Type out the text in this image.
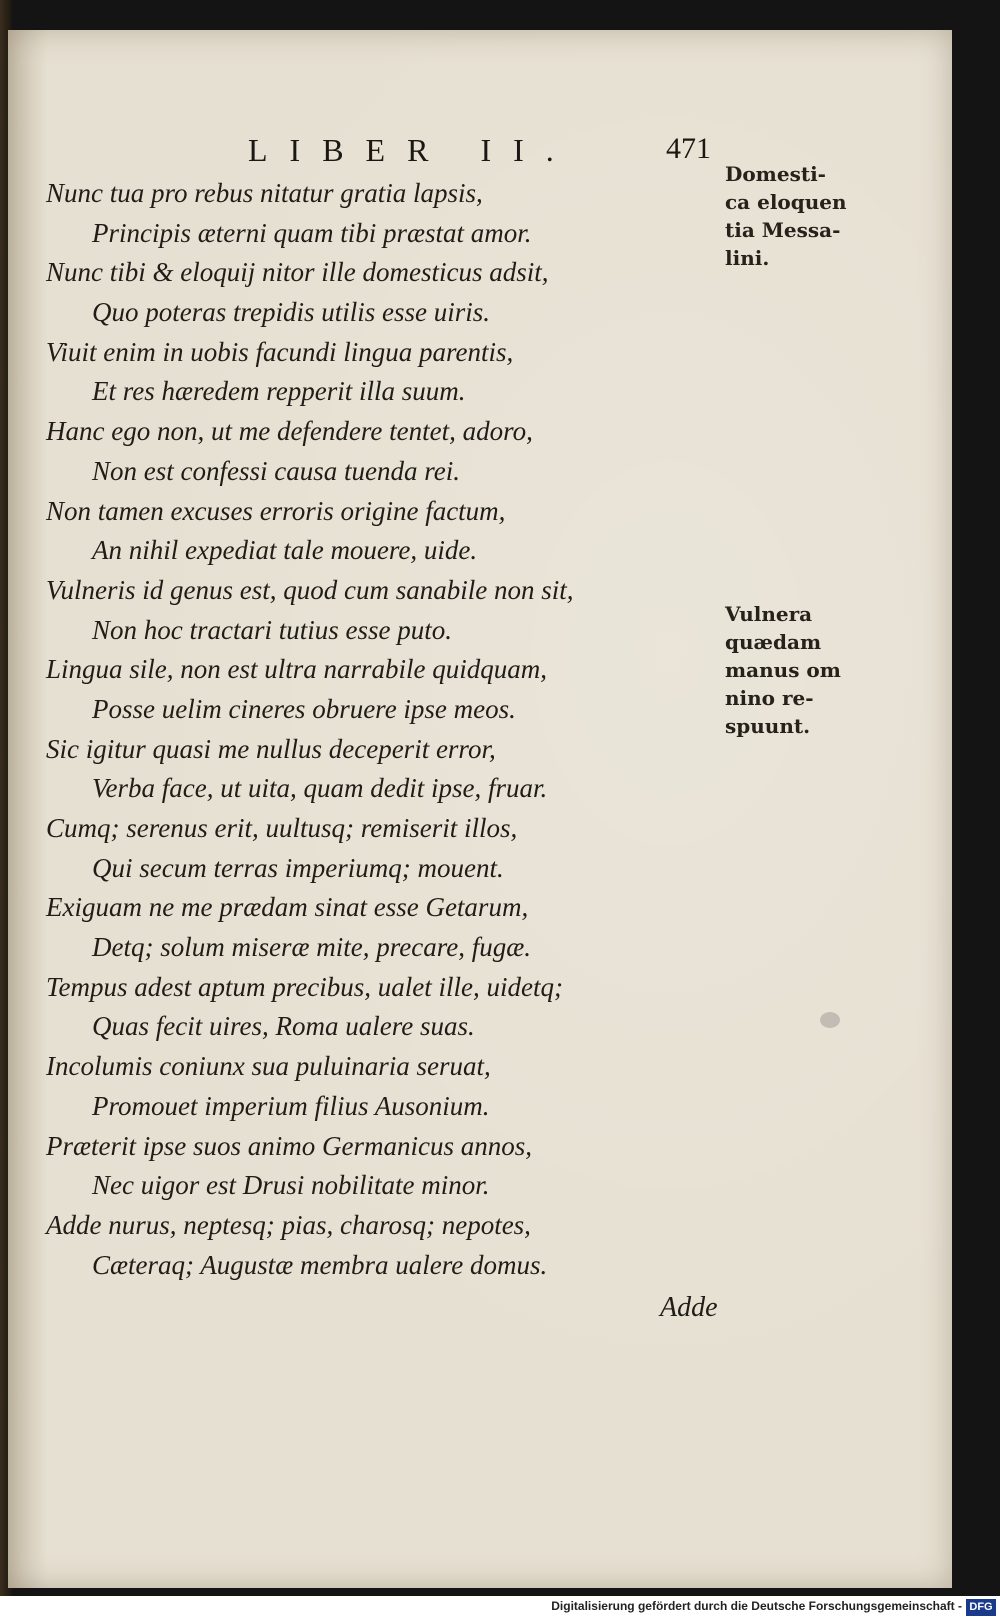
LIBER II.	471
Nunc tua pro rebus nitatur gratia lapsis,
Principis æterni quam tibi præstat amor.
Nunc tibi & eloquij nitor ille domesticus adsit,
Quo poteras trepidis utilis esse uiris.
Viuit enim in uobis facundi lingua parentis,
Et res hæredem repperit illa suum.
Hanc ego non, ut me defendere tentet, adoro,
Non est confessi causa tuenda rei.
Non tamen excuses erroris origine factum,
An nihil expediat tale mouere, uide.
Vulneris id genus est, quod cum sanabile non sit,
Non hoc tractari tutius esse puto.
Lingua sile, non est ultra narrabile quidquam,
Posse uelim cineres obruere ipse meos.
Sic igitur quasi me nullus deceperit error,
Verba face, ut uita, quam dedit ipse, fruar.
Cumq; serenus erit, uultusq; remiserit illos,
Qui secum terras imperiumq; mouent.
Exiguam ne me prædam sinat esse Getarum,
Detq; solum miseræ mite, precare, fugæ.
Tempus adest aptum precibus, ualet ille, uidetq;
Quas fecit uires, Roma ualere suas.
Incolumis coniunx sua puluinaria seruat,
Promouet imperium filius Ausonium.
Præterit ipse suos animo Germanicus annos,
Nec uigor est Drusi nobilitate minor.
Adde nurus, neptesq; pias, charosq; nepotes,
Cæteraq; Augustæ membra ualere domus.
Domesti-
ca eloquen
tia Messa-
lini.
Vulnera
quædam
manus om
nino re-
spuunt.
Adde
Digitalisierung gefördert durch die Deutsche Forschungsgemeinschaft - DFG
